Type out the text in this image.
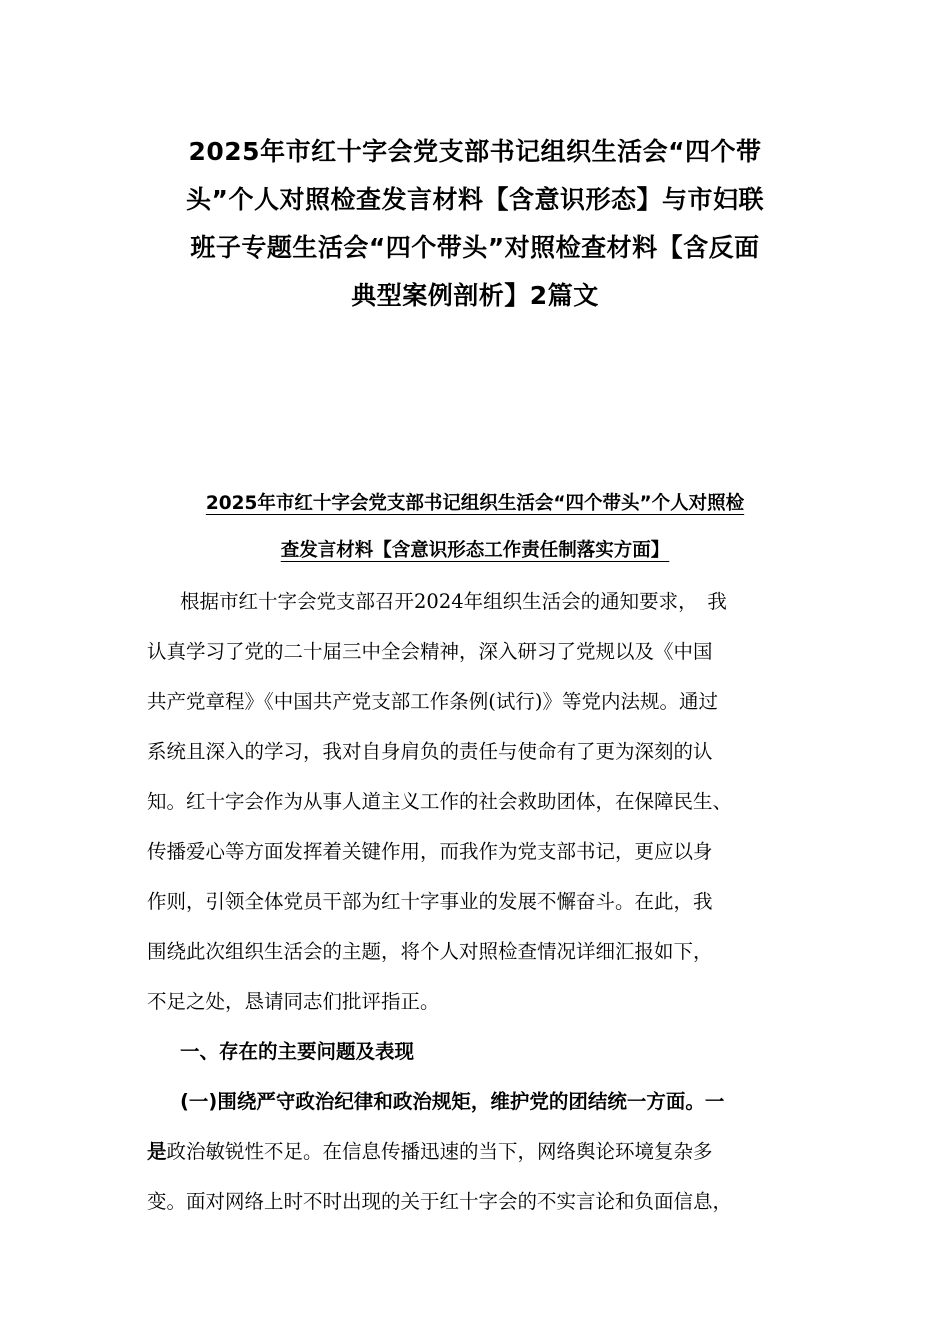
2025年市红十字会党支部书记组织生活会“四个带
头”个人对照检查发言材料【含意识形态】与市妇联
班子专题生活会“四个带头”对照检查材料【含反面
典型案例剖析】2篇文
2025年市红十字会党支部书记组织生活会“四个带头”个人对照检
查发言材料【含意识形态工作责任制落实方面】
根据市红十字会党支部召开2024年组织生活会的通知要求，　我
认真学习了党的二十届三中全会精神，深入研习了党规以及《中国
共产党章程》《中国共产党支部工作条例(试行)》等党内法规。通过
系统且深入的学习，我对自身肩负的责任与使命有了更为深刻的认
知。红十字会作为从事人道主义工作的社会救助团体，在保障民生、
传播爱心等方面发挥着关键作用，而我作为党支部书记，更应以身
作则，引领全体党员干部为红十字事业的发展不懈奋斗。在此，我
围绕此次组织生活会的主题，将个人对照检查情况详细汇报如下，
不足之处，恳请同志们批评指正。
一、存在的主要问题及表现
(一)围绕严守政治纪律和政治规矩，维护党的团结统一方面。一
是政治敏锐性不足。在信息传播迅速的当下，网络舆论环境复杂多
变。面对网络上时不时出现的关于红十字会的不实言论和负面信息，
